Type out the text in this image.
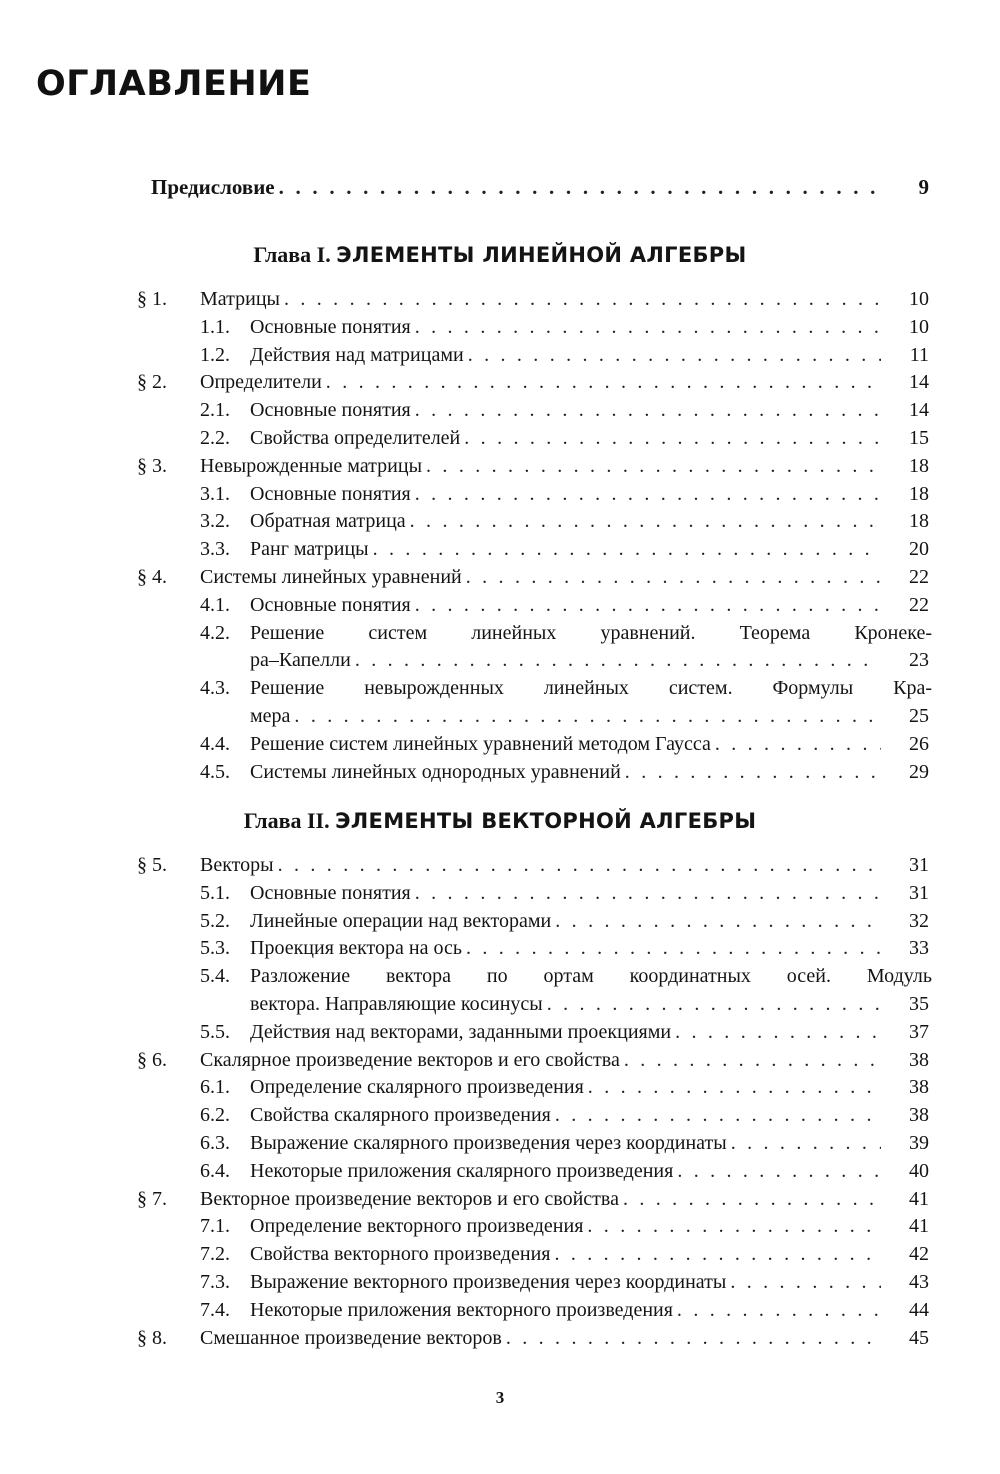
ОГЛАВЛЕНИЕ
Предисловие . . .	9
Глава I. ЭЛЕМЕНТЫ ЛИНЕЙНОЙ АЛГЕБРЫ
§ 1.	Матрицы . . .	10
1.1.	Основные понятия . . .	10
1.2.	Действия над матрицами . . .	11
§ 2.	Определители . . .	14
2.1.	Основные понятия . . .	14
2.2.	Свойства определителей . . .	15
§ 3.	Невырожденные матрицы . . .	18
3.1.	Основные понятия . . .	18
3.2.	Обратная матрица . . .	18
3.3.	Ранг матрицы . . .	20
§ 4.	Системы линейных уравнений . . .	22
4.1.	Основные понятия . . .	22
4.2.	Решение систем линейных уравнений. Теорема Кронеке-
ра–Капелли . . .	23
4.3.	Решение невырожденных линейных систем. Формулы Кра-
мера . . .	25
4.4.	Решение систем линейных уравнений методом Гаусса . . .	26
4.5.	Системы линейных однородных уравнений . . .	29
Глава II. ЭЛЕМЕНТЫ ВЕКТОРНОЙ АЛГЕБРЫ
§ 5.	Векторы . . .	31
5.1.	Основные понятия . . .	31
5.2.	Линейные операции над векторами . . .	32
5.3.	Проекция вектора на ось . . .	33
5.4.	Разложение вектора по ортам координатных осей. Модуль
вектора. Направляющие косинусы . . .	35
5.5.	Действия над векторами, заданными проекциями . . .	37
§ 6.	Скалярное произведение векторов и его свойства . . .	38
6.1.	Определение скалярного произведения . . .	38
6.2.	Свойства скалярного произведения . . .	38
6.3.	Выражение скалярного произведения через координаты . . .	39
6.4.	Некоторые приложения скалярного произведения . . .	40
§ 7.	Векторное произведение векторов и его свойства . . .	41
7.1.	Определение векторного произведения . . .	41
7.2.	Свойства векторного произведения . . .	42
7.3.	Выражение векторного произведения через координаты . . .	43
7.4.	Некоторые приложения векторного произведения . . .	44
§ 8.	Смешанное произведение векторов . . .	45
3
